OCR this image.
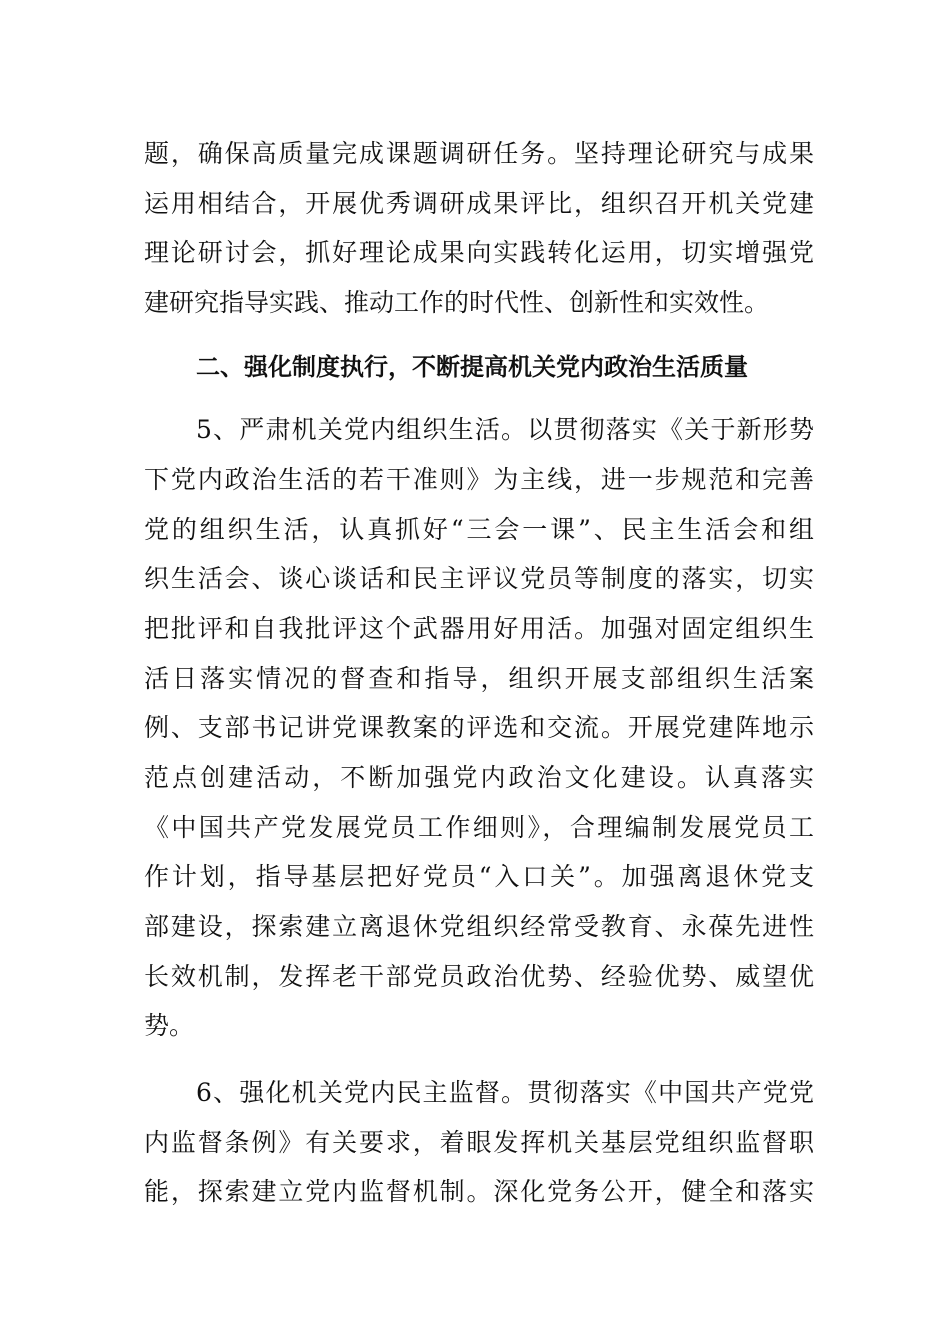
题，确保高质量完成课题调研任务。坚持理论研究与成果
运用相结合，开展优秀调研成果评比，组织召开机关党建
理论研讨会，抓好理论成果向实践转化运用，切实增强党
建研究指导实践、推动工作的时代性、创新性和实效性。
二、强化制度执行，不断提高机关党内政治生活质量
5、严肃机关党内组织生活。以贯彻落实《关于新形势
下党内政治生活的若干准则》为主线，进一步规范和完善
党的组织生活，认真抓好“三会一课”、民主生活会和组
织生活会、谈心谈话和民主评议党员等制度的落实，切实
把批评和自我批评这个武器用好用活。加强对固定组织生
活日落实情况的督查和指导，组织开展支部组织生活案
例、支部书记讲党课教案的评选和交流。开展党建阵地示
范点创建活动，不断加强党内政治文化建设。认真落实
《中国共产党发展党员工作细则》，合理编制发展党员工
作计划，指导基层把好党员“入口关”。加强离退休党支
部建设，探索建立离退休党组织经常受教育、永葆先进性
长效机制，发挥老干部党员政治优势、经验优势、威望优
势。
6、强化机关党内民主监督。贯彻落实《中国共产党党
内监督条例》有关要求，着眼发挥机关基层党组织监督职
能，探索建立党内监督机制。深化党务公开，健全和落实
